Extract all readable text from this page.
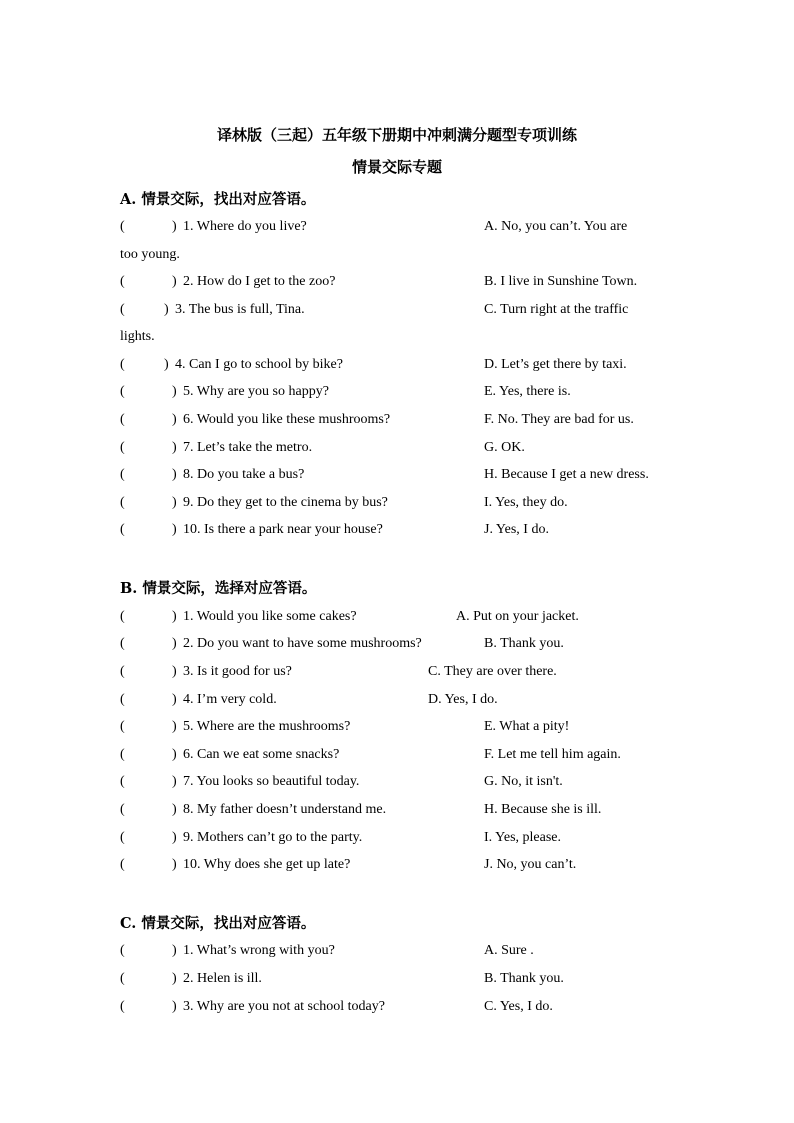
译林版（三起）五年级下册期中冲刺满分题型专项训练
情景交际专题
A. 情景交际，找出对应答语。
(	) 1. Where do you live?	A. No, you can’t. You are
too young.
(	) 2. How do I get to the zoo?	B. I live in Sunshine Town.
(	) 3. The bus is full, Tina.	C. Turn right at the traffic
lights.
(	) 4. Can I go to school by bike?	D. Let’s get there by taxi.
(	) 5. Why are you so happy?	E. Yes, there is.
(	) 6. Would you like these mushrooms?	F. No. They are bad for us.
(	) 7. Let’s take the metro.	G. OK.
(	) 8. Do you take a bus?	H. Because I get a new dress.
(	) 9. Do they get to the cinema by bus?	I. Yes, they do.
(	) 10. Is there a park near your house?	J. Yes, I do.
B. 情景交际，选择对应答语。
(	) 1. Would you like some cakes?	A. Put on your jacket.
(	) 2. Do you want to have some mushrooms?	B. Thank you.
(	) 3. Is it good for us?	C. They are over there.
(	) 4. I’m very cold.	D. Yes, I do.
(	) 5. Where are the mushrooms?	E. What a pity!
(	) 6. Can we eat some snacks?	F. Let me tell him again.
(	) 7. You looks so beautiful today.	G. No, it isn't.
(	) 8. My father doesn’t understand me.	H. Because she is ill.
(	) 9. Mothers can’t go to the party.	I. Yes, please.
(	) 10. Why does she get up late?	J. No, you can’t.
C. 情景交际，找出对应答语。
(	) 1. What’s wrong with you?	A. Sure .
(	) 2. Helen is ill.	B. Thank you.
(	) 3. Why are you not at school today?	C. Yes, I do.
